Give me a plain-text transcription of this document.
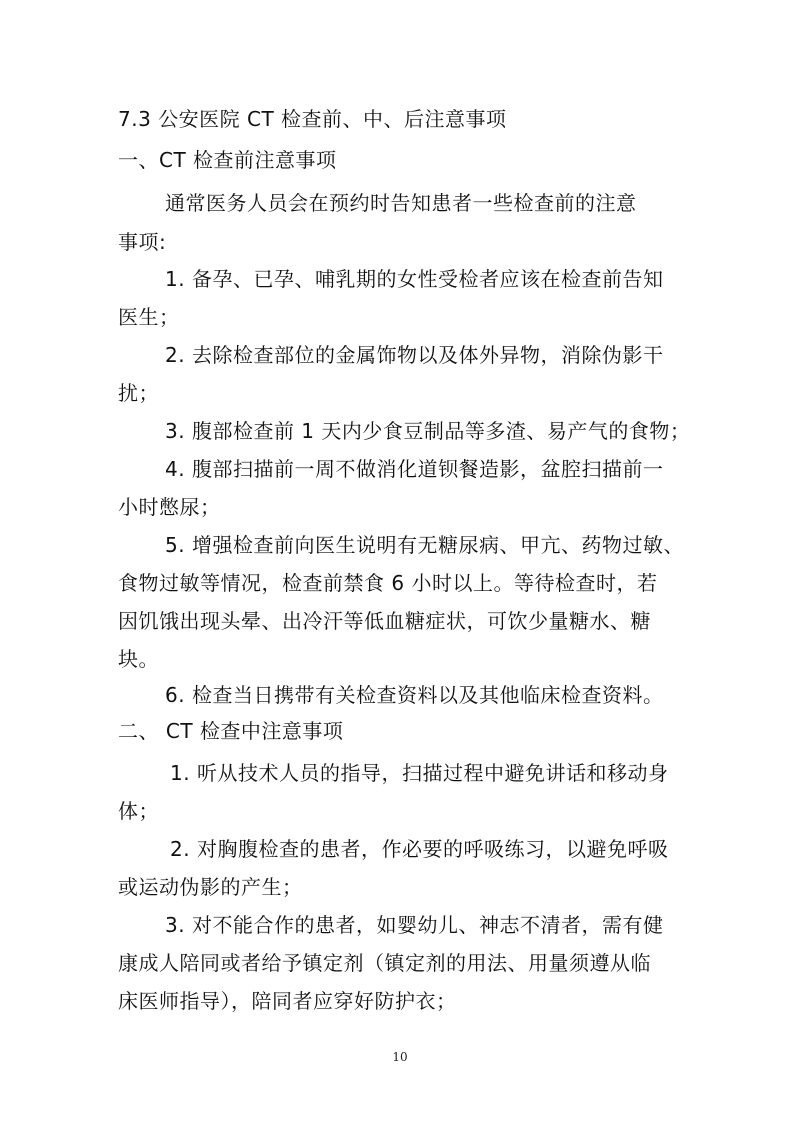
7.3 公安医院 CT 检查前、中、后注意事项
一、CT 检查前注意事项
通常医务人员会在预约时告知患者一些检查前的注意
事项:
1. 备孕、已孕、哺乳期的女性受检者应该在检查前告知
医生；
2. 去除检查部位的金属饰物以及体外异物，消除伪影干
扰；
3. 腹部检查前 1 天内少食豆制品等多渣、易产气的食物；
4. 腹部扫描前一周不做消化道钡餐造影，盆腔扫描前一
小时憋尿；
5. 增强检查前向医生说明有无糖尿病、甲亢、药物过敏、
食物过敏等情况，检查前禁食 6 小时以上。等待检查时，若
因饥饿出现头晕、出冷汗等低血糖症状，可饮少量糖水、糖
块。
6. 检查当日携带有关检查资料以及其他临床检查资料。
二、 CT 检查中注意事项
1. 听从技术人员的指导，扫描过程中避免讲话和移动身
体；
2. 对胸腹检查的患者，作必要的呼吸练习，以避免呼吸
或运动伪影的产生；
3. 对不能合作的患者，如婴幼儿、神志不清者，需有健
康成人陪同或者给予镇定剂（镇定剂的用法、用量须遵从临
床医师指导），陪同者应穿好防护衣；
10
